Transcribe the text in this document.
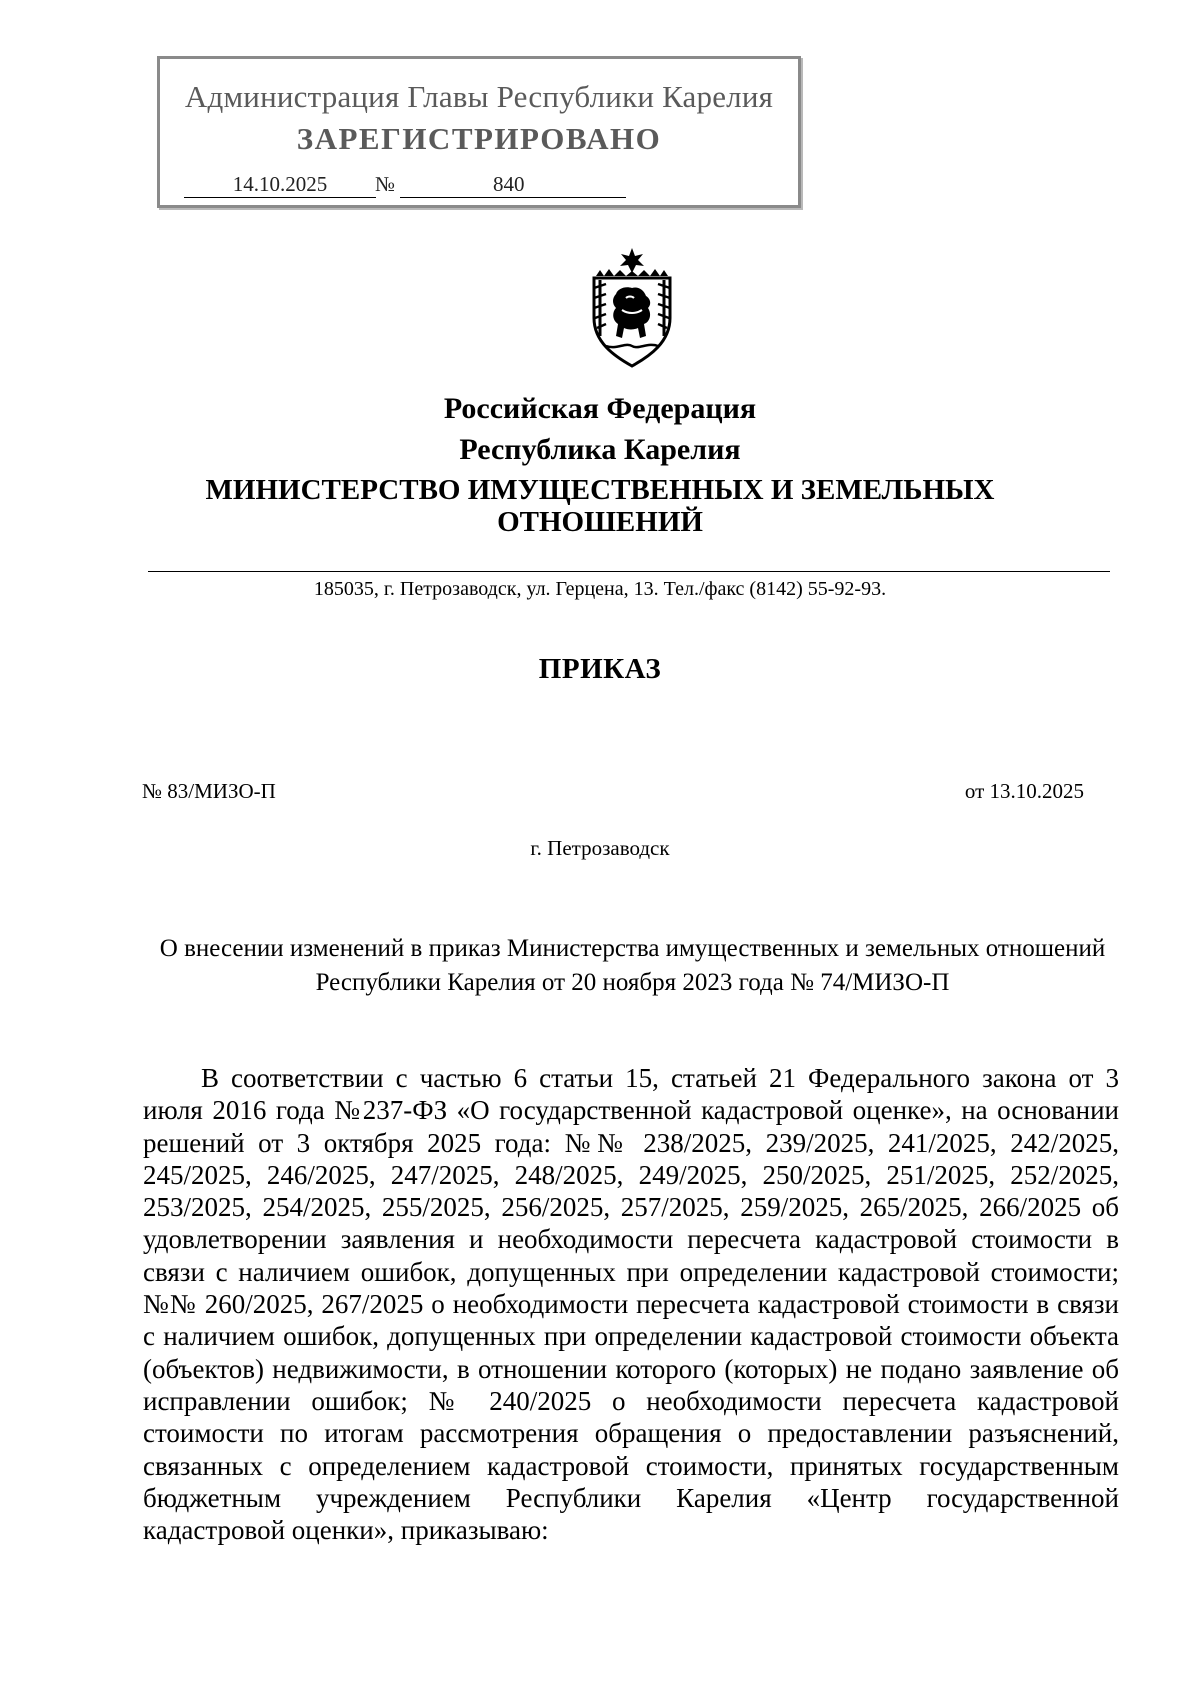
Администрация Главы Республики Карелия
ЗАРЕГИСТРИРОВАНО
14.10.2025	№	840
Российская Федерация
Республика Карелия
МИНИСТЕРСТВО ИМУЩЕСТВЕННЫХ И ЗЕМЕЛЬНЫХ
ОТНОШЕНИЙ
185035, г. Петрозаводск, ул. Герцена, 13. Тел./факс (8142) 55-92-93.
ПРИКАЗ
№ 83/МИЗО-П	от 13.10.2025
г. Петрозаводск
О внесении изменений в приказ Министерства имущественных и земельных отношений Республики Карелия от 20 ноября 2023 года № 74/МИЗО-П

В соответствии с частью 6 статьи 15, статьей 21 Федерального закона от 3 июля 2016 года №237-ФЗ «О государственной кадастровой оценке», на основании решений от 3 октября 2025 года: №№ 238/2025, 239/2025, 241/2025, 242/2025, 245/2025, 246/2025, 247/2025, 248/2025, 249/2025, 250/2025, 251/2025, 252/2025, 253/2025, 254/2025, 255/2025, 256/2025, 257/2025, 259/2025, 265/2025, 266/2025 об удовлетворении заявления и необходимости пересчета кадастровой стоимости в связи с наличием ошибок, допущенных при определении кадастровой стоимости; №№ 260/2025, 267/2025 о необходимости пересчета кадастровой стоимости в связи с наличием ошибок, допущенных при определении кадастровой стоимости объекта (объектов) недвижимости, в отношении которого (которых) не подано заявление об исправлении ошибок; № 240/2025 о необходимости пересчета кадастровой стоимости по итогам рассмотрения обращения о предоставлении разъяснений, связанных с определением кадастровой стоимости, принятых государственным бюджетным учреждением Республики Карелия «Центр государственной кадастровой оценки», приказываю:
